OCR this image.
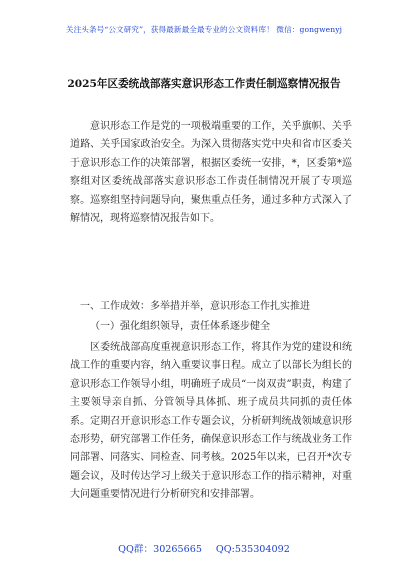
关注头条号“公文研究”，获得最新最全最专业的公文资料库！ 微信：gongwenyj
2025年区委统战部落实意识形态工作责任制巡察情况报告

意识形态工作是党的一项极端重要的工作，关乎旗帜、关乎道路、关乎国家政治安全。为深入贯彻落实党中央和省市区委关于意识形态工作的决策部署，根据区委统一安排，*，区委第*巡察组对区委统战部落实意识形态工作责任制情况开展了专项巡察。巡察组坚持问题导向，聚焦重点任务，通过多种方式深入了解情况，现将巡察情况报告如下。

一、工作成效：多举措并举，意识形态工作扎实推进

（一）强化组织领导，责任体系逐步健全

区委统战部高度重视意识形态工作，将其作为党的建设和统战工作的重要内容，纳入重要议事日程。成立了以部长为组长的意识形态工作领导小组，明确班子成员“一岗双责”职责，构建了主要领导亲自抓、分管领导具体抓、班子成员共同抓的责任体系。定期召开意识形态工作专题会议，分析研判统战领域意识形态形势，研究部署工作任务，确保意识形态工作与统战业务工作同部署、同落实、同检查、同考核。2025年以来，已召开*次专题会议，及时传达学习上级关于意识形态工作的指示精神，对重大问题重要情况进行分析研究和安排部署。

QQ群：30265665 QQ:535304092
